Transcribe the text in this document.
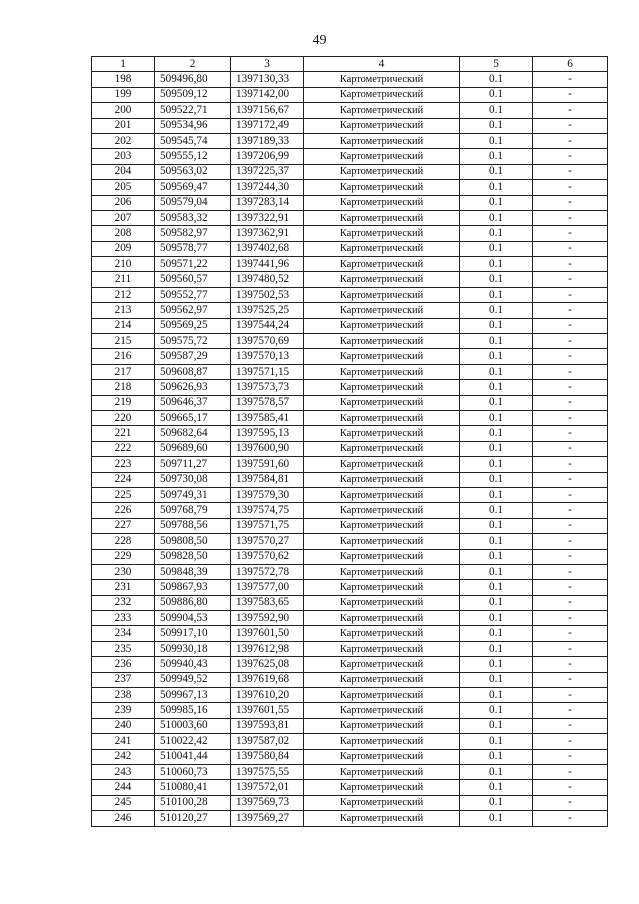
49
1	2	3	4	5	6
198	509496,80	1397130,33	Картометрический	0.1	-
199	509509,12	1397142,00	Картометрический	0.1	-
200	509522,71	1397156,67	Картометрический	0.1	-
201	509534,96	1397172,49	Картометрический	0.1	-
202	509545,74	1397189,33	Картометрический	0.1	-
203	509555,12	1397206,99	Картометрический	0.1	-
204	509563,02	1397225,37	Картометрический	0.1	-
205	509569,47	1397244,30	Картометрический	0.1	-
206	509579,04	1397283,14	Картометрический	0.1	-
207	509583,32	1397322,91	Картометрический	0.1	-
208	509582,97	1397362,91	Картометрический	0.1	-
209	509578,77	1397402,68	Картометрический	0.1	-
210	509571,22	1397441,96	Картометрический	0.1	-
211	509560,57	1397480,52	Картометрический	0.1	-
212	509552,77	1397502,53	Картометрический	0.1	-
213	509562,97	1397525,25	Картометрический	0.1	-
214	509569,25	1397544,24	Картометрический	0.1	-
215	509575,72	1397570,69	Картометрический	0.1	-
216	509587,29	1397570,13	Картометрический	0.1	-
217	509608,87	1397571,15	Картометрический	0.1	-
218	509626,93	1397573,73	Картометрический	0.1	-
219	509646,37	1397578,57	Картометрический	0.1	-
220	509665,17	1397585,41	Картометрический	0.1	-
221	509682,64	1397595,13	Картометрический	0.1	-
222	509689,60	1397600,90	Картометрический	0.1	-
223	509711,27	1397591,60	Картометрический	0.1	-
224	509730,08	1397584,81	Картометрический	0.1	-
225	509749,31	1397579,30	Картометрический	0.1	-
226	509768,79	1397574,75	Картометрический	0.1	-
227	509788,56	1397571,75	Картометрический	0.1	-
228	509808,50	1397570,27	Картометрический	0.1	-
229	509828,50	1397570,62	Картометрический	0.1	-
230	509848,39	1397572,78	Картометрический	0.1	-
231	509867,93	1397577,00	Картометрический	0.1	-
232	509886,80	1397583,65	Картометрический	0.1	-
233	509904,53	1397592,90	Картометрический	0.1	-
234	509917,10	1397601,50	Картометрический	0.1	-
235	509930,18	1397612,98	Картометрический	0.1	-
236	509940,43	1397625,08	Картометрический	0.1	-
237	509949,52	1397619,68	Картометрический	0.1	-
238	509967,13	1397610,20	Картометрический	0.1	-
239	509985,16	1397601,55	Картометрический	0.1	-
240	510003,60	1397593,81	Картометрический	0.1	-
241	510022,42	1397587,02	Картометрический	0.1	-
242	510041,44	1397580,84	Картометрический	0.1	-
243	510060,73	1397575,55	Картометрический	0.1	-
244	510080,41	1397572,01	Картометрический	0.1	-
245	510100,28	1397569,73	Картометрический	0.1	-
246	510120,27	1397569,27	Картометрический	0.1	-
